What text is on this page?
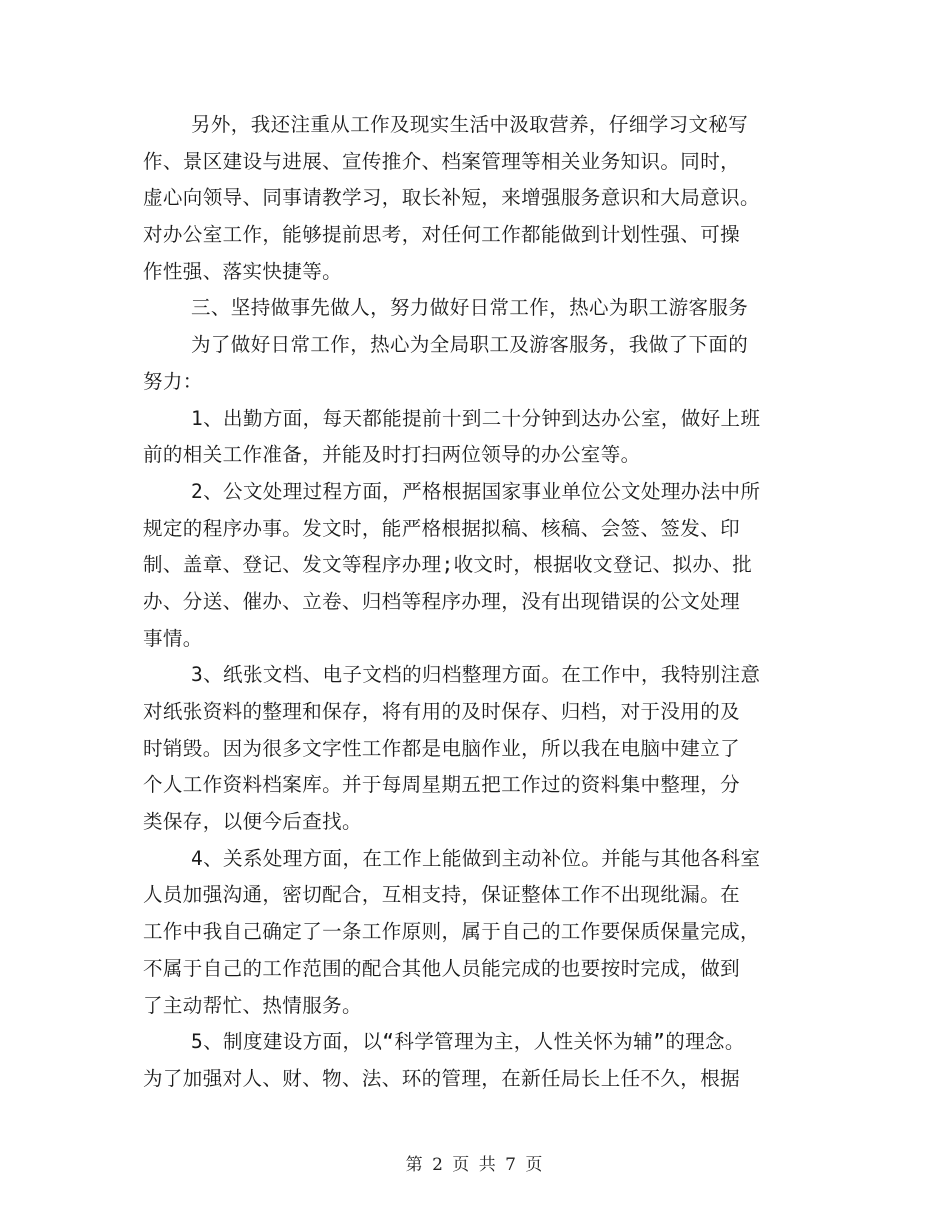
另外，我还注重从工作及现实生活中汲取营养，仔细学习文秘写
作、景区建设与进展、宣传推介、档案管理等相关业务知识。同时，
虚心向领导、同事请教学习，取长补短，来增强服务意识和大局意识。
对办公室工作，能够提前思考，对任何工作都能做到计划性强、可操
作性强、落实快捷等。
三、坚持做事先做人，努力做好日常工作，热心为职工游客服务
为了做好日常工作，热心为全局职工及游客服务，我做了下面的
努力：
1、出勤方面，每天都能提前十到二十分钟到达办公室，做好上班
前的相关工作准备，并能及时打扫两位领导的办公室等。
2、公文处理过程方面，严格根据国家事业单位公文处理办法中所
规定的程序办事。发文时，能严格根据拟稿、核稿、会签、签发、印
制、盖章、登记、发文等程序办理;收文时，根据收文登记、拟办、批
办、分送、催办、立卷、归档等程序办理，没有出现错误的公文处理
事情。
3、纸张文档、电子文档的归档整理方面。在工作中，我特别注意
对纸张资料的整理和保存，将有用的及时保存、归档，对于没用的及
时销毁。因为很多文字性工作都是电脑作业，所以我在电脑中建立了
个人工作资料档案库。并于每周星期五把工作过的资料集中整理，分
类保存，以便今后查找。
4、关系处理方面，在工作上能做到主动补位。并能与其他各科室
人员加强沟通，密切配合，互相支持，保证整体工作不出现纰漏。在
工作中我自己确定了一条工作原则，属于自己的工作要保质保量完成，
不属于自己的工作范围的配合其他人员能完成的也要按时完成，做到
了主动帮忙、热情服务。
5、制度建设方面，以“科学管理为主，人性关怀为辅”的理念。
为了加强对人、财、物、法、环的管理，在新任局长上任不久，根据
第 2 页 共 7 页
